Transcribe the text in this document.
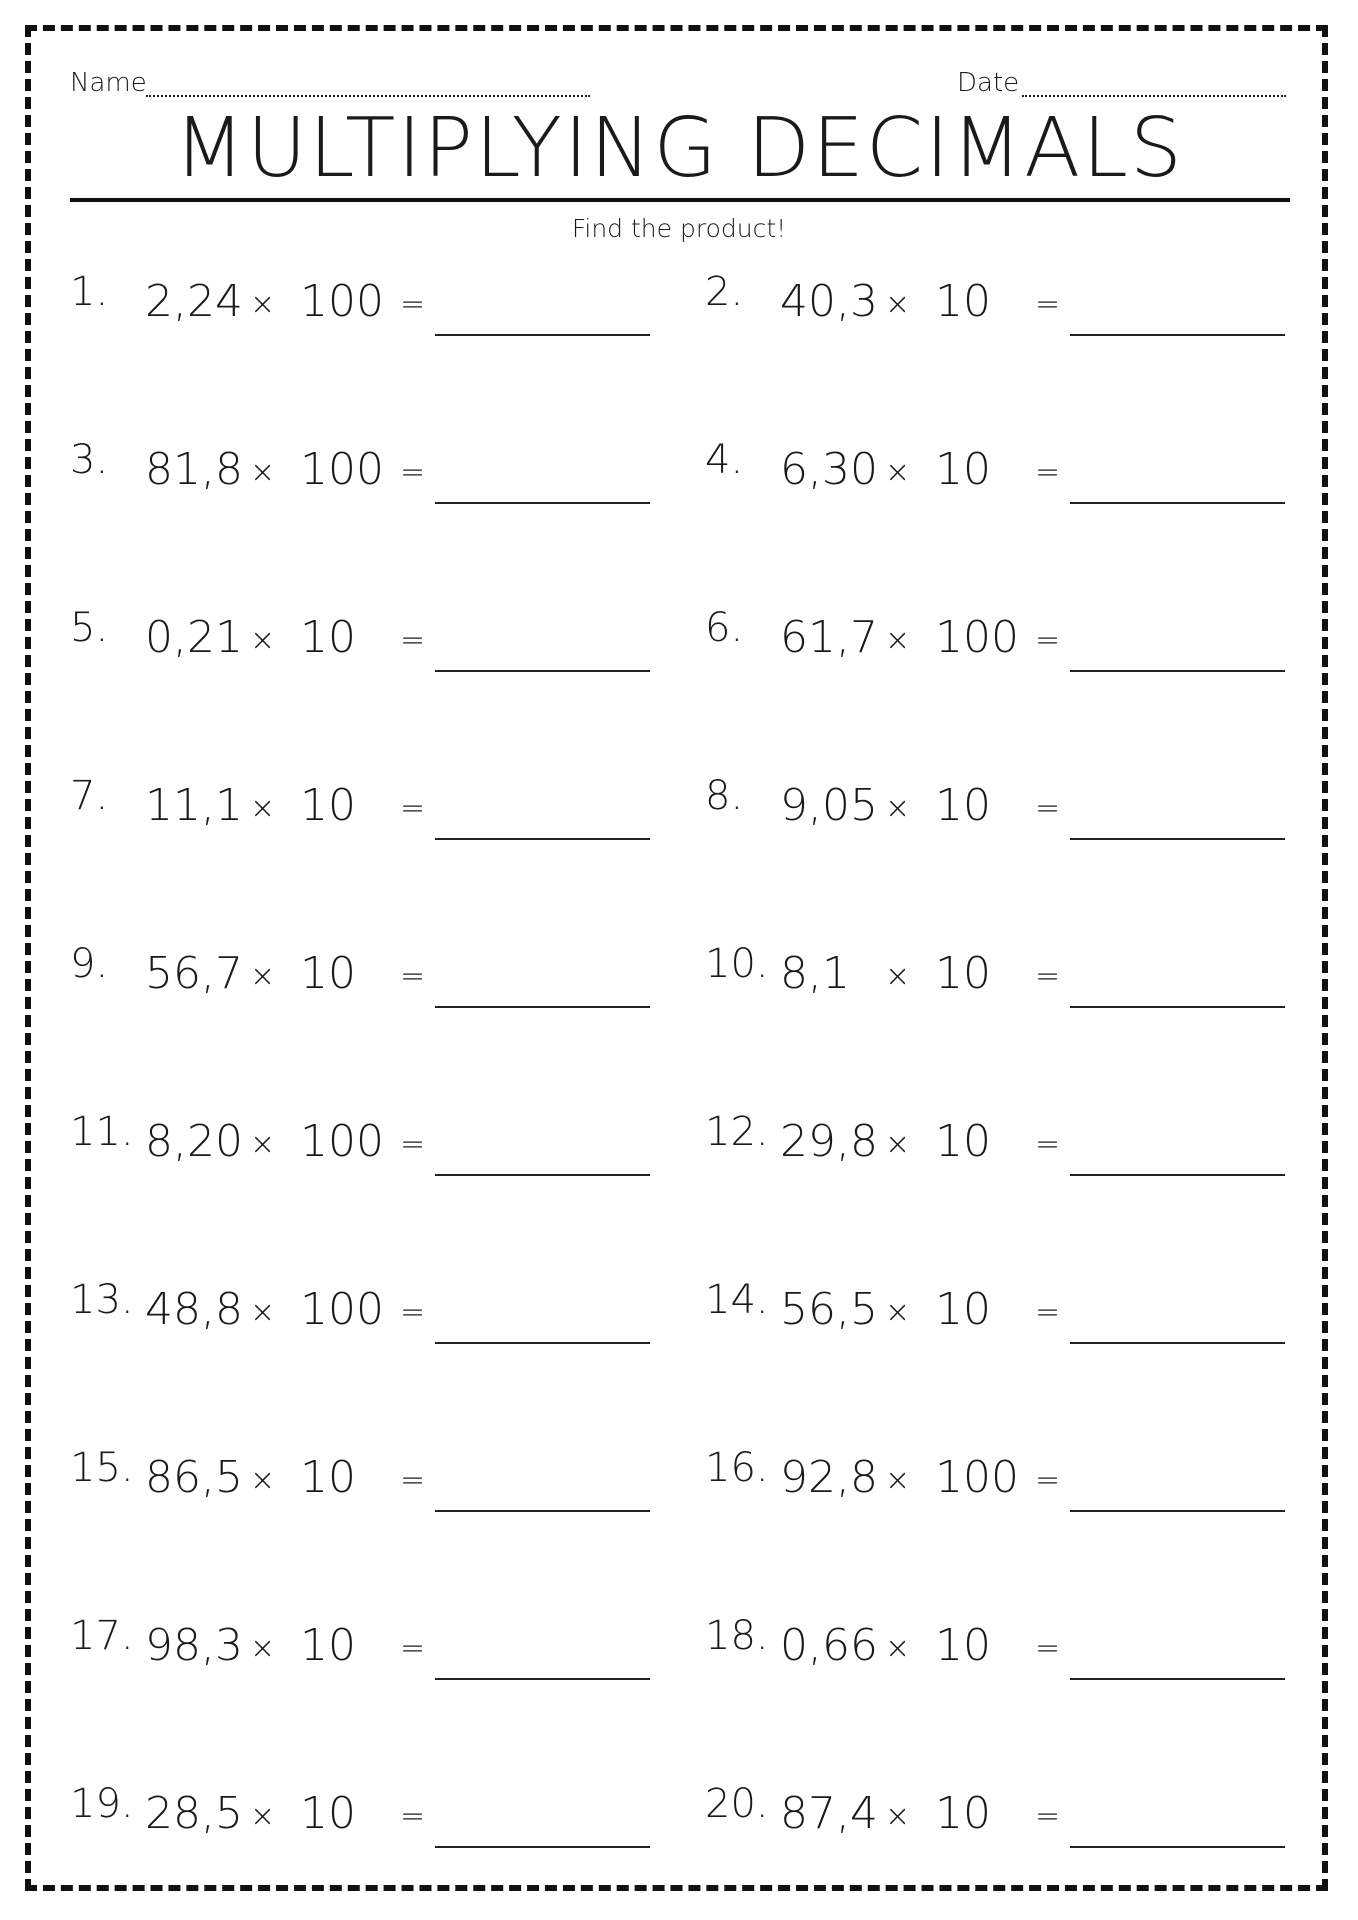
Name	Date
MULTIPLYING DECIMALS
Find the product!
1. 2,24 × 100 =	2. 40,3 × 10 =
3. 81,8 × 100 =	4. 6,30 × 10 =
5. 0,21 × 10 =	6. 61,7 × 100 =
7. 11,1 × 10 =	8. 9,05 × 10 =
9. 56,7 × 10 =	10. 8,1 × 10 =
11. 8,20 × 100 =	12. 29,8 × 10 =
13. 48,8 × 100 =	14. 56,5 × 10 =
15. 86,5 × 10 =	16. 92,8 × 100 =
17. 98,3 × 10 =	18. 0,66 × 10 =
19. 28,5 × 10 =	20. 87,4 × 10 =
